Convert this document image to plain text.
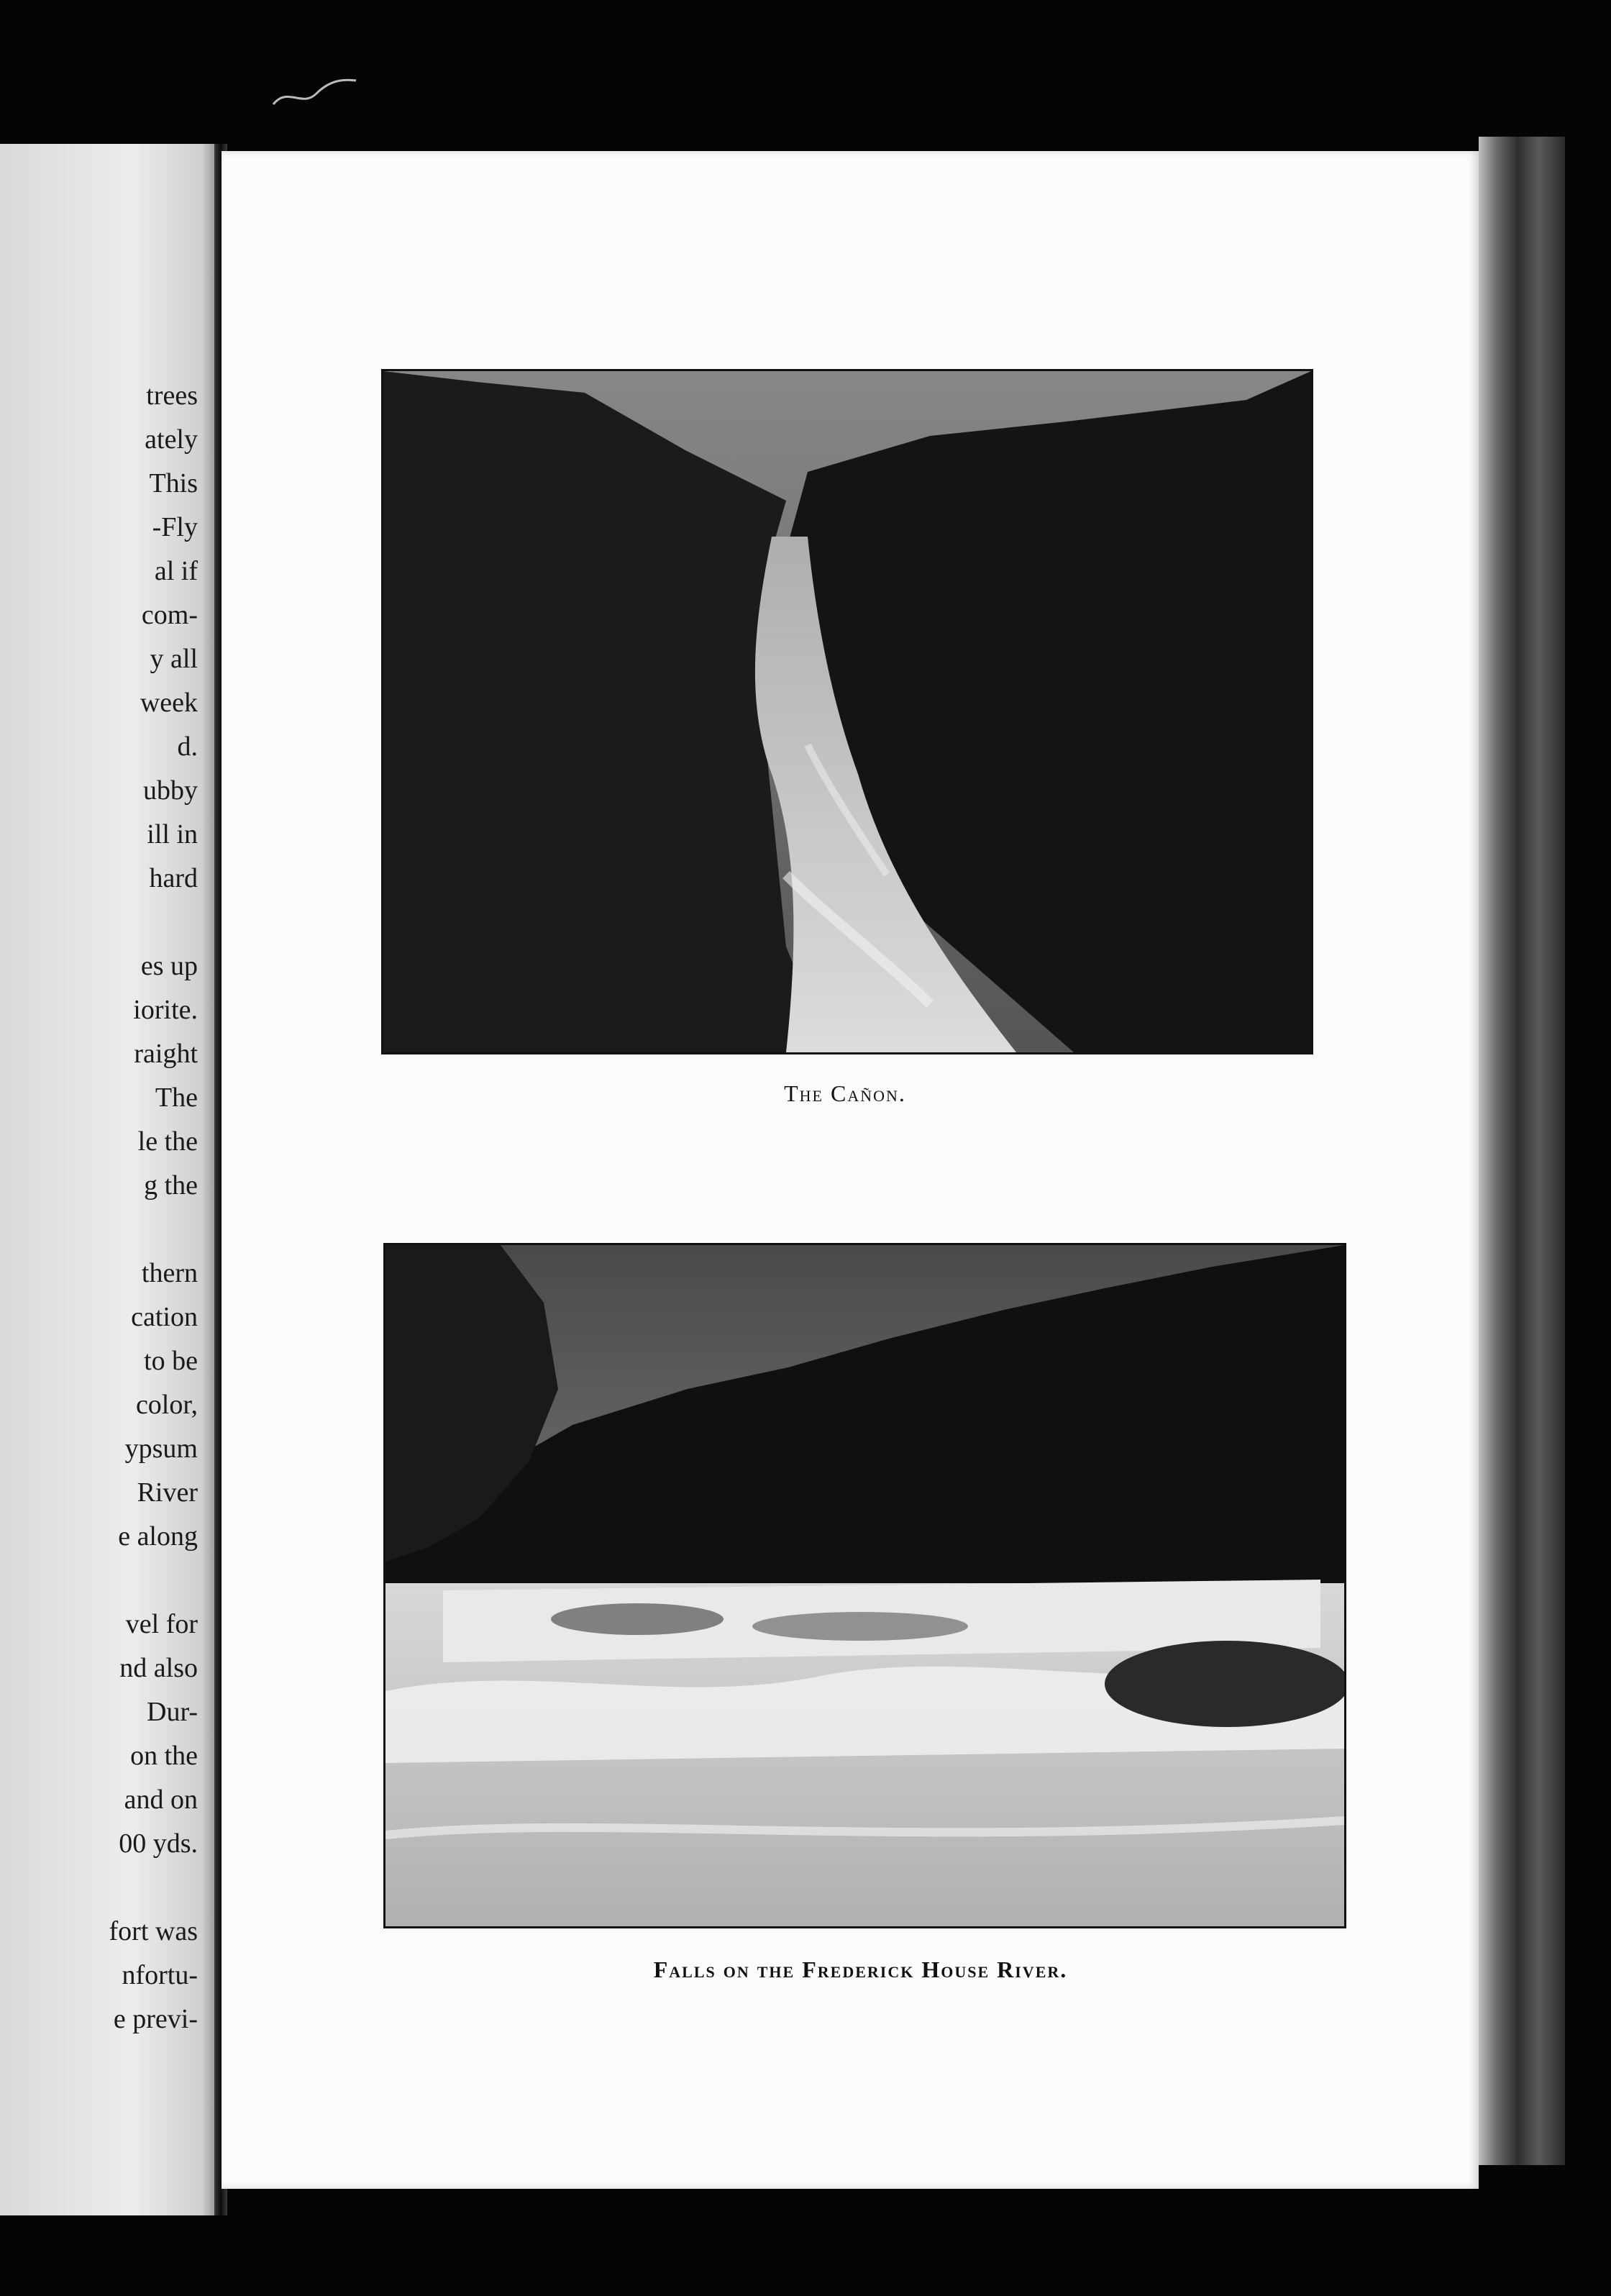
trees
ately
This
-Fly
al if
com-
y all
week
d.
ubby
ill in
hard

es up
iorite.
raight
The
le the
g the

thern
cation
to be
color,
ypsum
River
e along

vel for
nd also
Dur-
on the
and on
00 yds.

fort was
nfortu-
e previ-
The Cañon.
Falls on the Frederick House River.
